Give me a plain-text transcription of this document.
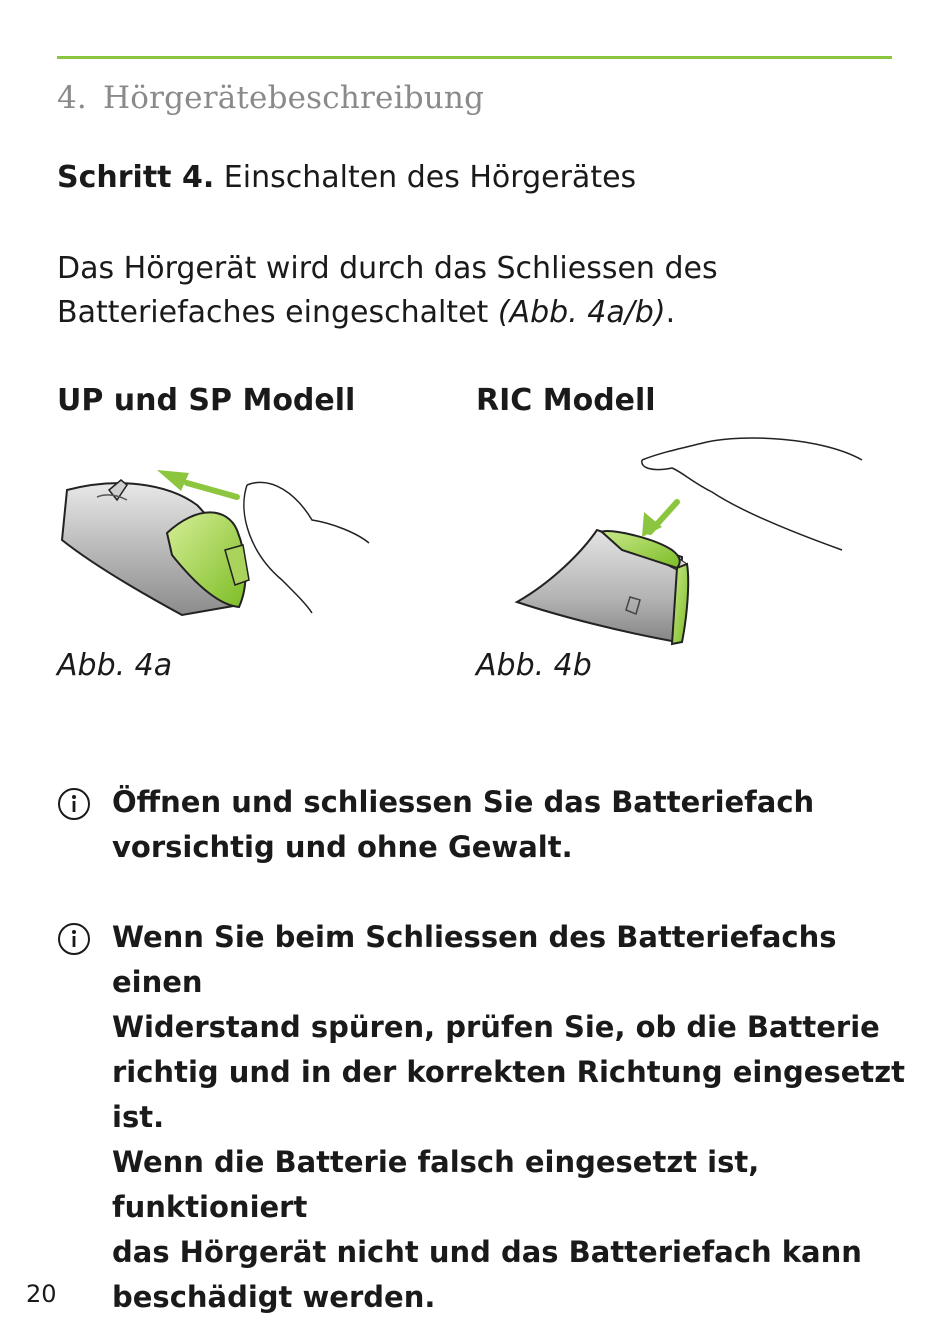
4. Hörgerätebeschreibung
Schritt 4. Einschalten des Hörgerätes
Das Hörgerät wird durch das Schliessen des
Batteriefaches eingeschaltet (Abb. 4a/b).
UP und SP Modell	RIC Modell
Abb. 4a	Abb. 4b
Öffnen und schliessen Sie das Batteriefach
vorsichtig und ohne Gewalt.
Wenn Sie beim Schliessen des Batteriefachs einen
Widerstand spüren, prüfen Sie, ob die Batterie
richtig und in der korrekten Richtung eingesetzt ist.
Wenn die Batterie falsch eingesetzt ist, funktioniert
das Hörgerät nicht und das Batteriefach kann
beschädigt werden.
20
